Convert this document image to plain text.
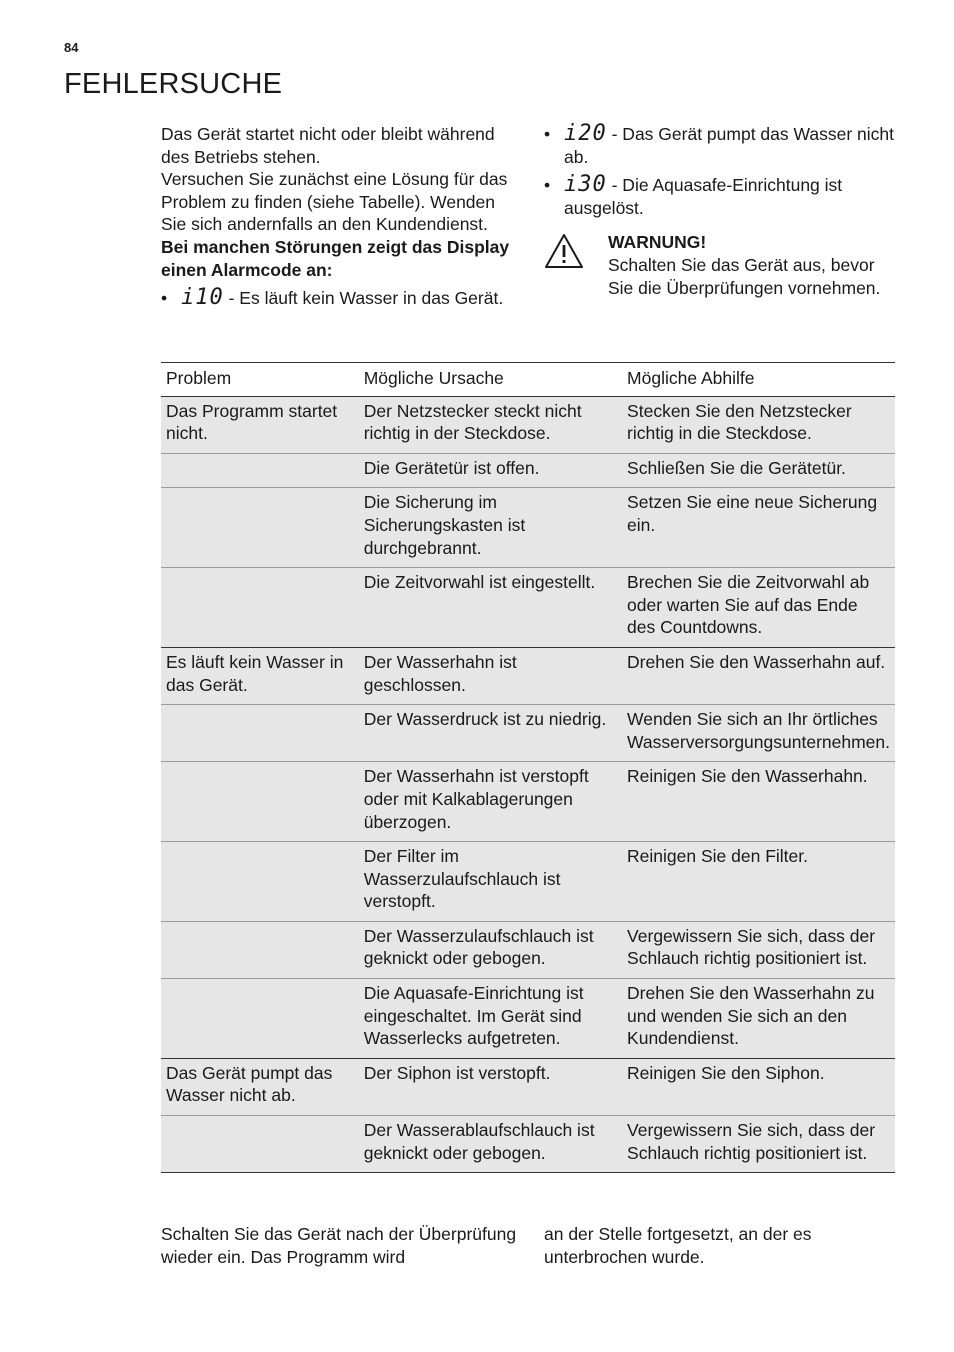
84
FEHLERSUCHE

Das Gerät startet nicht oder bleibt während des Betriebs stehen.

Versuchen Sie zunächst eine Lösung für das Problem zu finden (siehe Tabelle). Wenden Sie sich andernfalls an den Kundendienst.

Bei manchen Störungen zeigt das Display einen Alarmcode an:

• i10 - Es läuft kein Wasser in das Gerät.
• i20 - Das Gerät pumpt das Wasser nicht ab.
• i30 - Die Aquasafe-Einrichtung ist ausgelöst.
WARNUNG!
Schalten Sie das Gerät aus, bevor Sie die Überprüfungen vornehmen.
Problem	Mögliche Ursache	Mögliche Abhilfe
Das Programm startet nicht.	Der Netzstecker steckt nicht richtig in der Steckdose.	Stecken Sie den Netzstecker richtig in die Steckdose.
	Die Gerätetür ist offen.	Schließen Sie die Gerätetür.
	Die Sicherung im Sicherungskasten ist durchgebrannt.	Setzen Sie eine neue Sicherung ein.
	Die Zeitvorwahl ist eingestellt.	Brechen Sie die Zeitvorwahl ab oder warten Sie auf das Ende des Countdowns.
Es läuft kein Wasser in das Gerät.	Der Wasserhahn ist geschlossen.	Drehen Sie den Wasserhahn auf.
	Der Wasserdruck ist zu niedrig.	Wenden Sie sich an Ihr örtliches Wasserversorgungsunternehmen.
	Der Wasserhahn ist verstopft oder mit Kalkablagerungen überzogen.	Reinigen Sie den Wasserhahn.
	Der Filter im Wasserzulaufschlauch ist verstopft.	Reinigen Sie den Filter.
	Der Wasserzulaufschlauch ist geknickt oder gebogen.	Vergewissern Sie sich, dass der Schlauch richtig positioniert ist.
	Die Aquasafe-Einrichtung ist eingeschaltet. Im Gerät sind Wasserlecks aufgetreten.	Drehen Sie den Wasserhahn zu und wenden Sie sich an den Kundendienst.
Das Gerät pumpt das Wasser nicht ab.	Der Siphon ist verstopft.	Reinigen Sie den Siphon.
	Der Wasserablaufschlauch ist geknickt oder gebogen.	Vergewissern Sie sich, dass der Schlauch richtig positioniert ist.
Schalten Sie das Gerät nach der Überprüfung wieder ein. Das Programm wird
an der Stelle fortgesetzt, an der es unterbrochen wurde.
